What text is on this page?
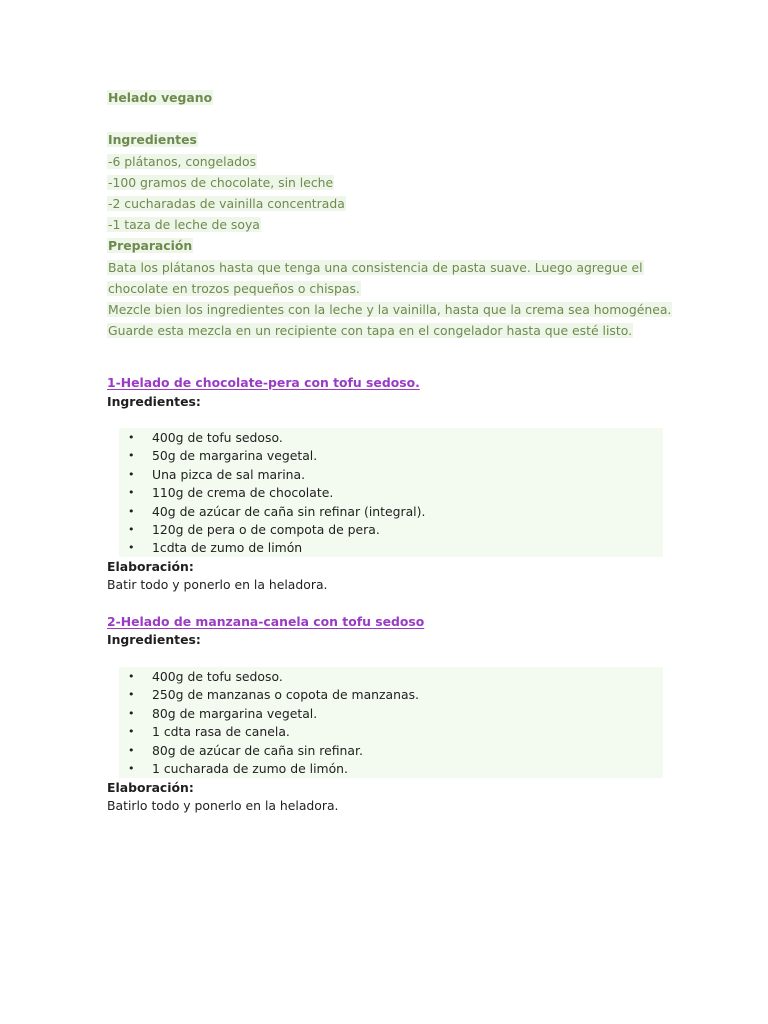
Helado vegano
Ingredientes
-6 plátanos, congelados
-100 gramos de chocolate, sin leche
-2 cucharadas de vainilla concentrada
-1 taza de leche de soya
Preparación
Bata los plátanos hasta que tenga una consistencia de pasta suave. Luego agregue el
chocolate en trozos pequeños o chispas.
Mezcle bien los ingredientes con la leche y la vainilla, hasta que la crema sea homogénea.
Guarde esta mezcla en un recipiente con tapa en el congelador hasta que esté listo.
1-Helado de chocolate-pera con tofu sedoso.
Ingredientes:
• 400g de tofu sedoso.
• 50g de margarina vegetal.
• Una pizca de sal marina.
• 110g de crema de chocolate.
• 40g de azúcar de caña sin refinar (integral).
• 120g de pera o de compota de pera.
• 1cdta de zumo de limón
Elaboración:
Batir todo y ponerlo en la heladora.
2-Helado de manzana-canela con tofu sedoso
Ingredientes:
• 400g de tofu sedoso.
• 250g de manzanas o copota de manzanas.
• 80g de margarina vegetal.
• 1 cdta rasa de canela.
• 80g de azúcar de caña sin refinar.
• 1 cucharada de zumo de limón.
Elaboración:
Batirlo todo y ponerlo en la heladora.
